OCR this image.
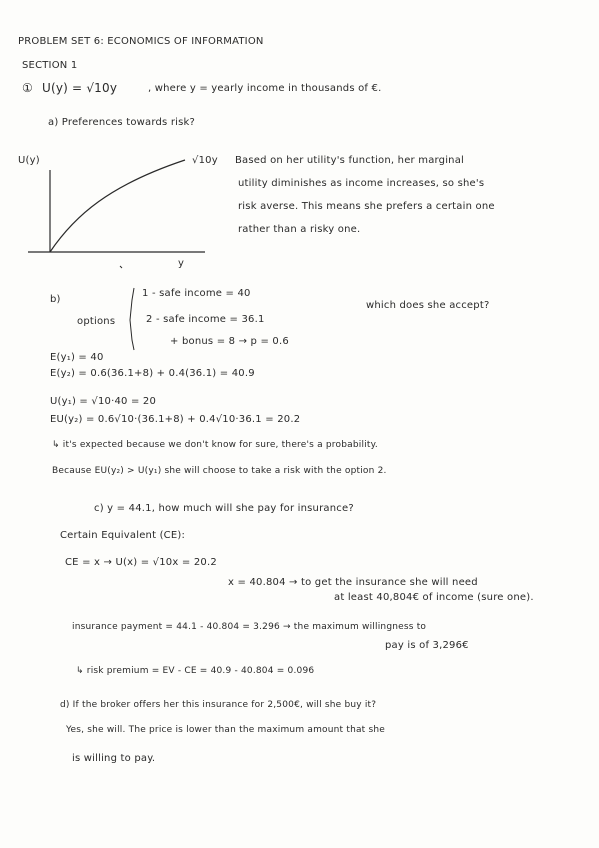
PROBLEM SET 6: ECONOMICS OF INFORMATION
SECTION 1
① U(y) = √10y	, where y = yearly income in thousands of €.
a) Preferences towards risk?
U(y)	√10y
y
Based on her utility's function, her marginal
utility diminishes as income increases, so she's
risk averse. This means she prefers a certain one
rather than a risky one.
b)
options
1 - safe income = 40
2 - safe income = 36.1
+ bonus = 8 → p = 0.6
which does she accept?
E(y₁) = 40
E(y₂) = 0.6(36.1+8) + 0.4(36.1) = 40.9
U(y₁) = √10·40 = 20
EU(y₂) = 0.6√10·(36.1+8) + 0.4√10·36.1 = 20.2
↳ it's expected because we don't know for sure, there's a probability.
Because EU(y₂) > U(y₁) she will choose to take a risk with the option 2.
c) y = 44.1, how much will she pay for insurance?
Certain Equivalent (CE):
CE = x → U(x) = √10x = 20.2
x = 40.804 → to get the insurance she will need
at least 40,804€ of income (sure one).
insurance payment = 44.1 - 40.804 = 3.296 → the maximum willingness to
pay is of 3,296€
↳ risk premium = EV - CE = 40.9 - 40.804 = 0.096
d) If the broker offers her this insurance for 2,500€, will she buy it?
Yes, she will. The price is lower than the maximum amount that she
is willing to pay.
